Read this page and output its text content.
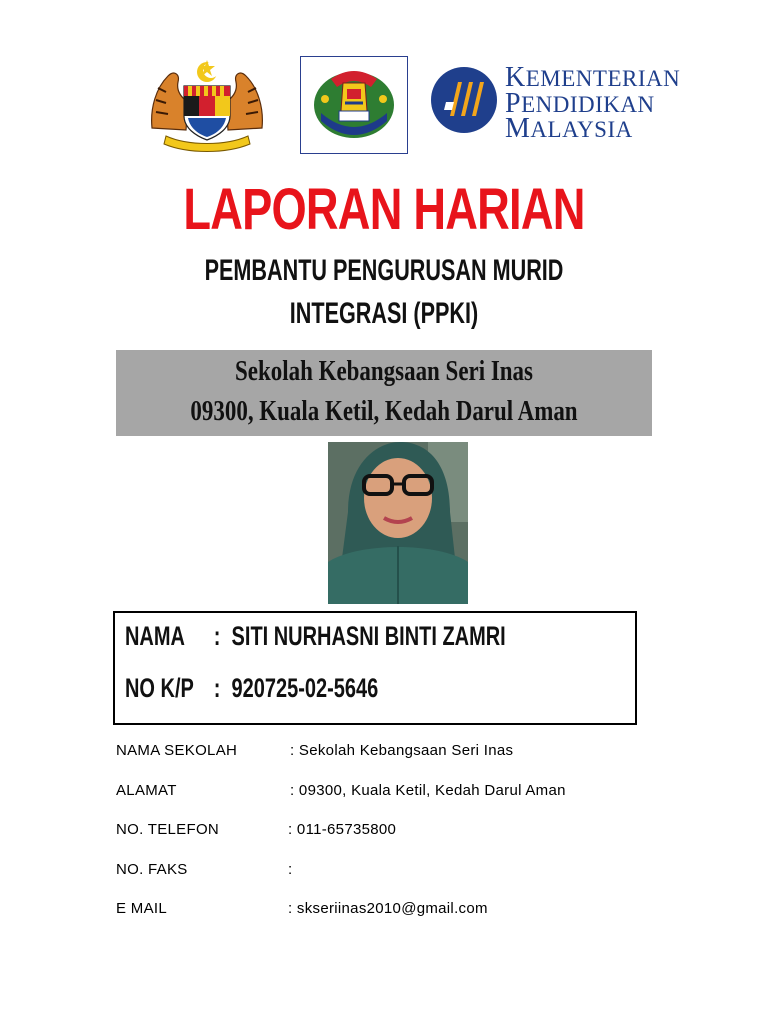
KEMENTERIAN
PENDIDIKAN
MALAYSIA
LAPORAN HARIAN
PEMBANTU PENGURUSAN MURID
INTEGRASI (PPKI)
Sekolah Kebangsaan Seri Inas
09300, Kuala Ketil, Kedah Darul Aman
NAMA : SITI NURHASNI BINTI ZAMRI
NO K/P : 920725-02-5646
NAMA SEKOLAH	: Sekolah Kebangsaan Seri Inas
ALAMAT	: 09300, Kuala Ketil, Kedah Darul Aman
NO. TELEFON	: 011-65735800
NO. FAKS	:
E MAIL	: skseriinas2010@gmail.com
